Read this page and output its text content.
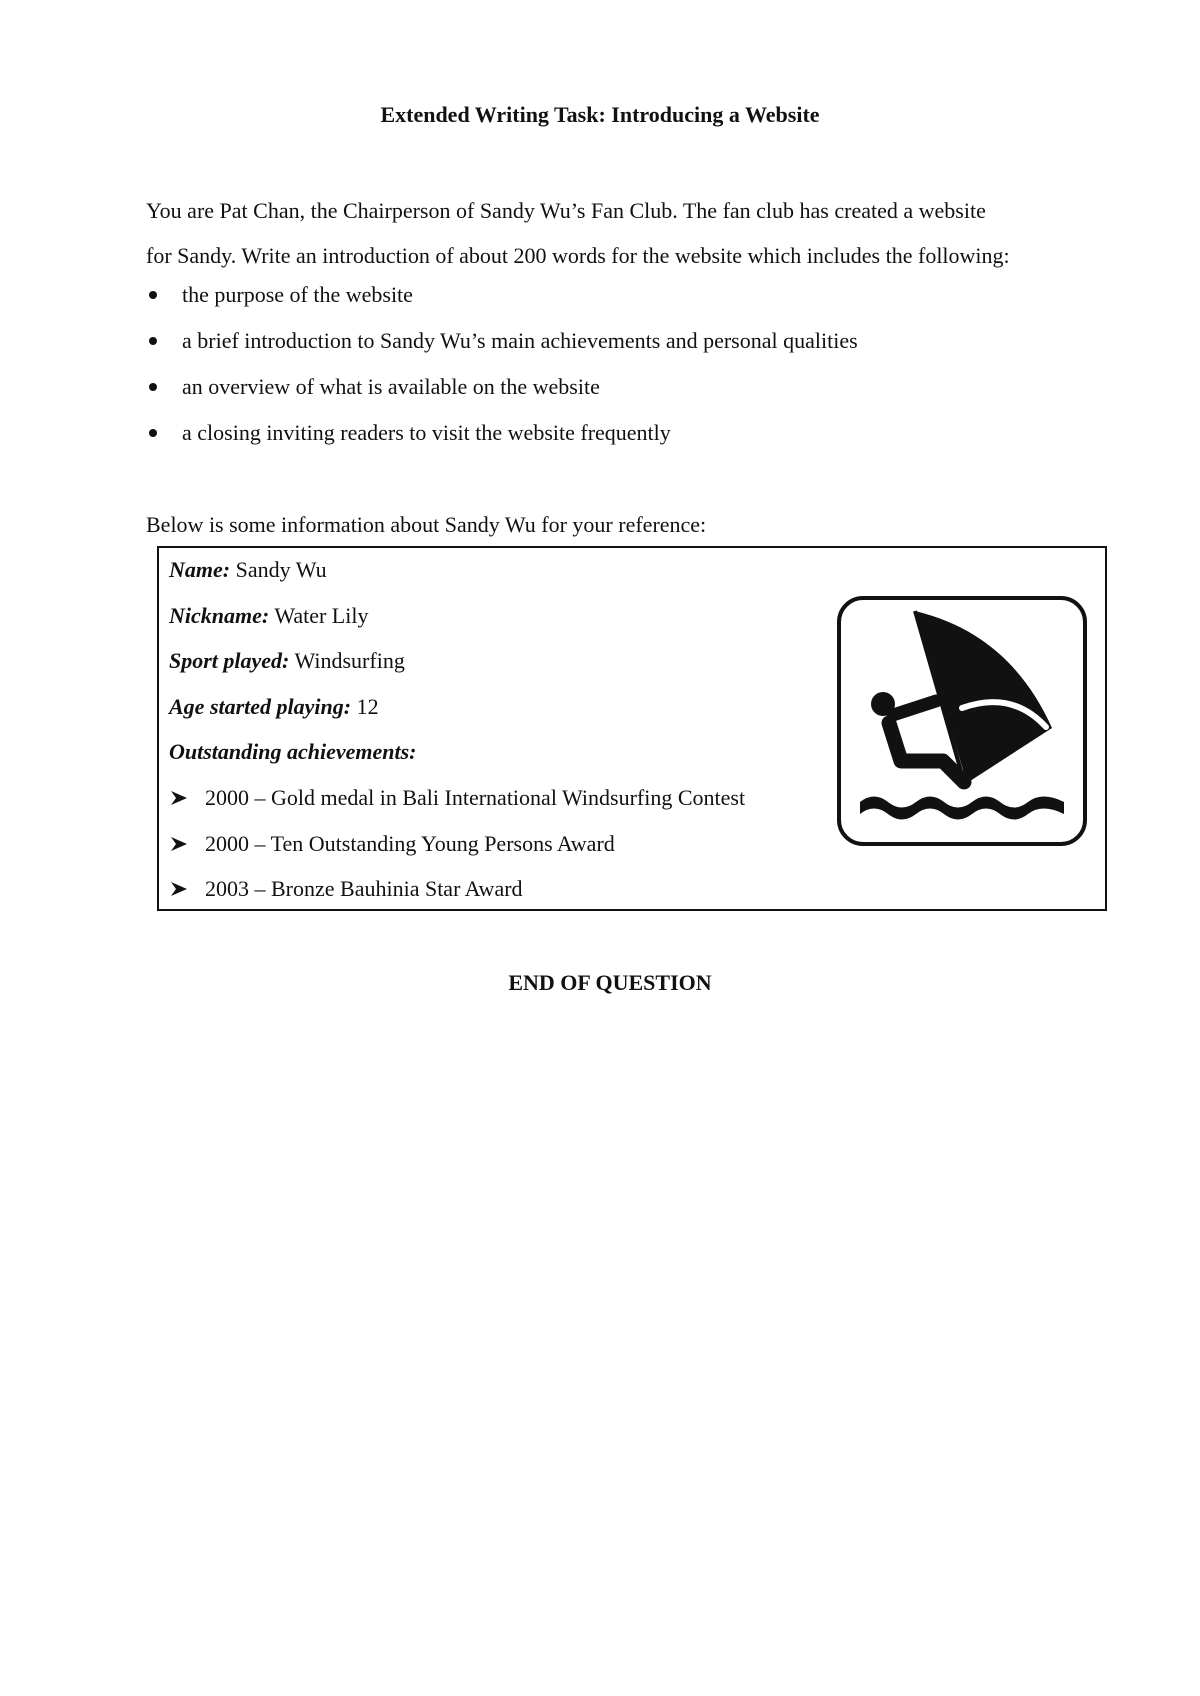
Extended Writing Task: Introducing a Website

You are Pat Chan, the Chairperson of Sandy Wu’s Fan Club. The fan club has created a website
for Sandy. Write an introduction of about 200 words for the website which includes the following:

the purpose of the website
a brief introduction to Sandy Wu’s main achievements and personal qualities
an overview of what is available on the website
a closing inviting readers to visit the website frequently

Below is some information about Sandy Wu for your reference:

Name: Sandy Wu
Nickname: Water Lily
Sport played: Windsurfing
Age started playing: 12
Outstanding achievements:
2000 – Gold medal in Bali International Windsurfing Contest
2000 – Ten Outstanding Young Persons Award
2003 – Bronze Bauhinia Star Award
END OF QUESTION
